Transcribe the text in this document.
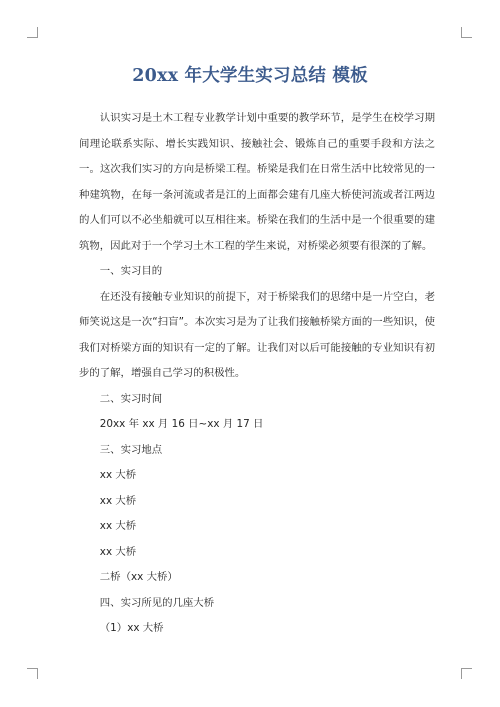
20xx 年大学生实习总结 模板

认识实习是土木工程专业教学计划中重要的教学环节，是学生在校学习期间理论联系实际、增长实践知识、接触社会、锻炼自己的重要手段和方法之一。这次我们实习的方向是桥梁工程。桥梁是我们在日常生活中比较常见的一种建筑物，在每一条河流或者是江的上面都会建有几座大桥使河流或者江两边的人们可以不必坐船就可以互相往来。桥梁在我们的生活中是一个很重要的建筑物，因此对于一个学习土木工程的学生来说，对桥梁必须要有很深的了解。

一、实习目的

在还没有接触专业知识的前提下，对于桥梁我们的思绪中是一片空白，老师笑说这是一次“扫盲”。本次实习是为了让我们接触桥梁方面的一些知识，使我们对桥梁方面的知识有一定的了解。让我们对以后可能接触的专业知识有初步的了解，增强自己学习的积极性。

二、实习时间

20xx 年 xx 月 16 日~xx 月 17 日

三、实习地点

xx 大桥

xx 大桥

xx 大桥

xx 大桥

二桥（xx 大桥）

四、实习所见的几座大桥

（1）xx 大桥
